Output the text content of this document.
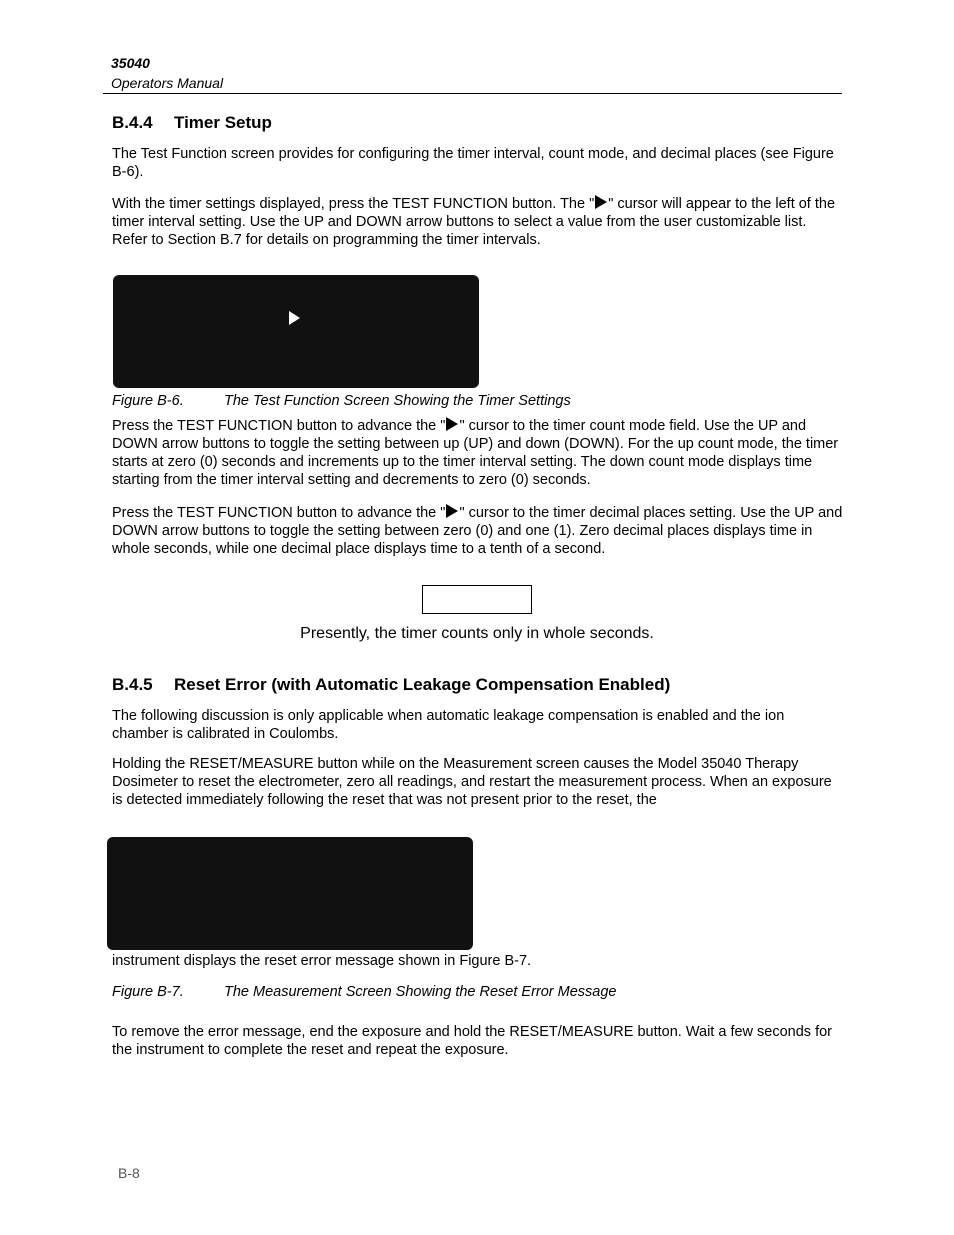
35040
Operators Manual
B.4.4 Timer Setup
The Test Function screen provides for configuring the timer interval, count mode, and decimal places (see Figure B-6).
With the timer settings displayed, press the TEST FUNCTION button. The " " cursor will appear to the left of the timer interval setting. Use the UP and DOWN arrow buttons to select a value from the user customizable list. Refer to Section B.7 for details on programming the timer intervals.
Figure B-6.	The Test Function Screen Showing the Timer Settings
Press the TEST FUNCTION button to advance the " " cursor to the timer count mode field. Use the UP and DOWN arrow buttons to toggle the setting between up (UP) and down (DOWN). For the up count mode, the timer starts at zero (0) seconds and increments up to the timer interval setting. The down count mode displays time starting from the timer interval setting and decrements to zero (0) seconds.
Press the TEST FUNCTION button to advance the " " cursor to the timer decimal places setting. Use the UP and DOWN arrow buttons to toggle the setting between zero (0) and one (1). Zero decimal places displays time in whole seconds, while one decimal place displays time to a tenth of a second.
Presently, the timer counts only in whole seconds.
B.4.5 Reset Error (with Automatic Leakage Compensation Enabled)
The following discussion is only applicable when automatic leakage compensation is enabled and the ion chamber is calibrated in Coulombs.
Holding the RESET/MEASURE button while on the Measurement screen causes the Model 35040 Therapy Dosimeter to reset the electrometer, zero all readings, and restart the measurement process. When an exposure is detected immediately following the reset that was not present prior to the reset, the
instrument displays the reset error message shown in Figure B-7.
Figure B-7.	The Measurement Screen Showing the Reset Error Message
To remove the error message, end the exposure and hold the RESET/MEASURE button. Wait a few seconds for the instrument to complete the reset and repeat the exposure.
B-8
